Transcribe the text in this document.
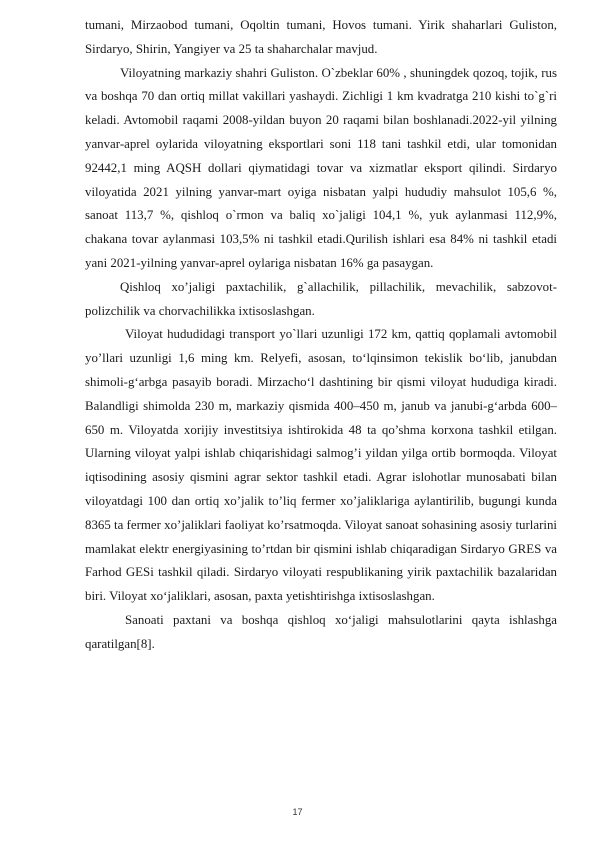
tumani, Mirzaobod tumani, Oqoltin tumani, Hovos tumani. Yirik shaharlari Guliston, Sirdaryo, Shirin, Yangiyer va 25 ta shaharchalar mavjud.

Viloyatning markaziy shahri Guliston. O`zbeklar 60% , shuningdek qozoq, tojik, rus va boshqa 70 dan ortiq millat vakillari yashaydi. Zichligi 1 km kvadratga 210 kishi to`g`ri keladi. Avtomobil raqami 2008-yildan buyon 20 raqami bilan boshlanadi.2022-yil yilning yanvar-aprel oylarida viloyatning eksportlari soni 118 tani tashkil etdi, ular tomonidan 92442,1 ming AQSH dollari qiymatidagi tovar va xizmatlar eksport qilindi. Sirdaryo viloyatida 2021 yilning yanvar-mart oyiga nisbatan yalpi hududiy mahsulot 105,6 %, sanoat 113,7 %, qishloq o`rmon va baliq xo`jaligi 104,1 %, yuk aylanmasi 112,9%, chakana tovar aylanmasi 103,5% ni tashkil etadi.Qurilish ishlari esa 84% ni tashkil etadi yani 2021-yilning yanvar-aprel oylariga nisbatan 16% ga pasaygan.

Qishloq xo’jaligi paxtachilik, g`allachilik, pillachilik, mevachilik, sabzovot-polizchilik va chorvachilikka ixtisoslashgan.

Viloyat hududidagi transport yo`llari uzunligi 172 km, qattiq qoplamali avtomobil yo’llari uzunligi 1,6 ming km. Relyefi, asosan, to‘lqinsimon tekislik bo‘lib, janubdan shimoli-g‘arbga pasayib boradi. Mirzacho‘l dashtining bir qismi viloyat hududiga kiradi. Balandligi shimolda 230 m, markaziy qismida 400–450 m, janub va janubi-g‘arbda 600–650 m. Viloyatda xorijiy investitsiya ishtirokida 48 ta qo’shma korxona tashkil etilgan. Ularning viloyat yalpi ishlab chiqarishidagi salmog’i yildan yilga ortib bormoqda. Viloyat iqtisodining asosiy qismini agrar sektor tashkil etadi. Agrar islohotlar munosabati bilan viloyatdagi 100 dan ortiq xo’jalik to’liq fermer xo’jaliklariga aylantirilib, bugungi kunda 8365 ta fermer xo’jaliklari faoliyat ko’rsatmoqda. Viloyat sanoat sohasining asosiy turlarini mamlakat elektr energiyasining to’rtdan bir qismini ishlab chiqaradigan Sirdaryo GRES va Farhod GESi tashkil qiladi. Sirdaryo viloyati respublikaning yirik paxtachilik bazalaridan biri. Viloyat xo‘jaliklari, asosan, paxta yetishtirishga ixtisoslashgan.

Sanoati paxtani va boshqa qishloq xo‘jaligi mahsulotlarini qayta ishlashga qaratilgan[8].

17
